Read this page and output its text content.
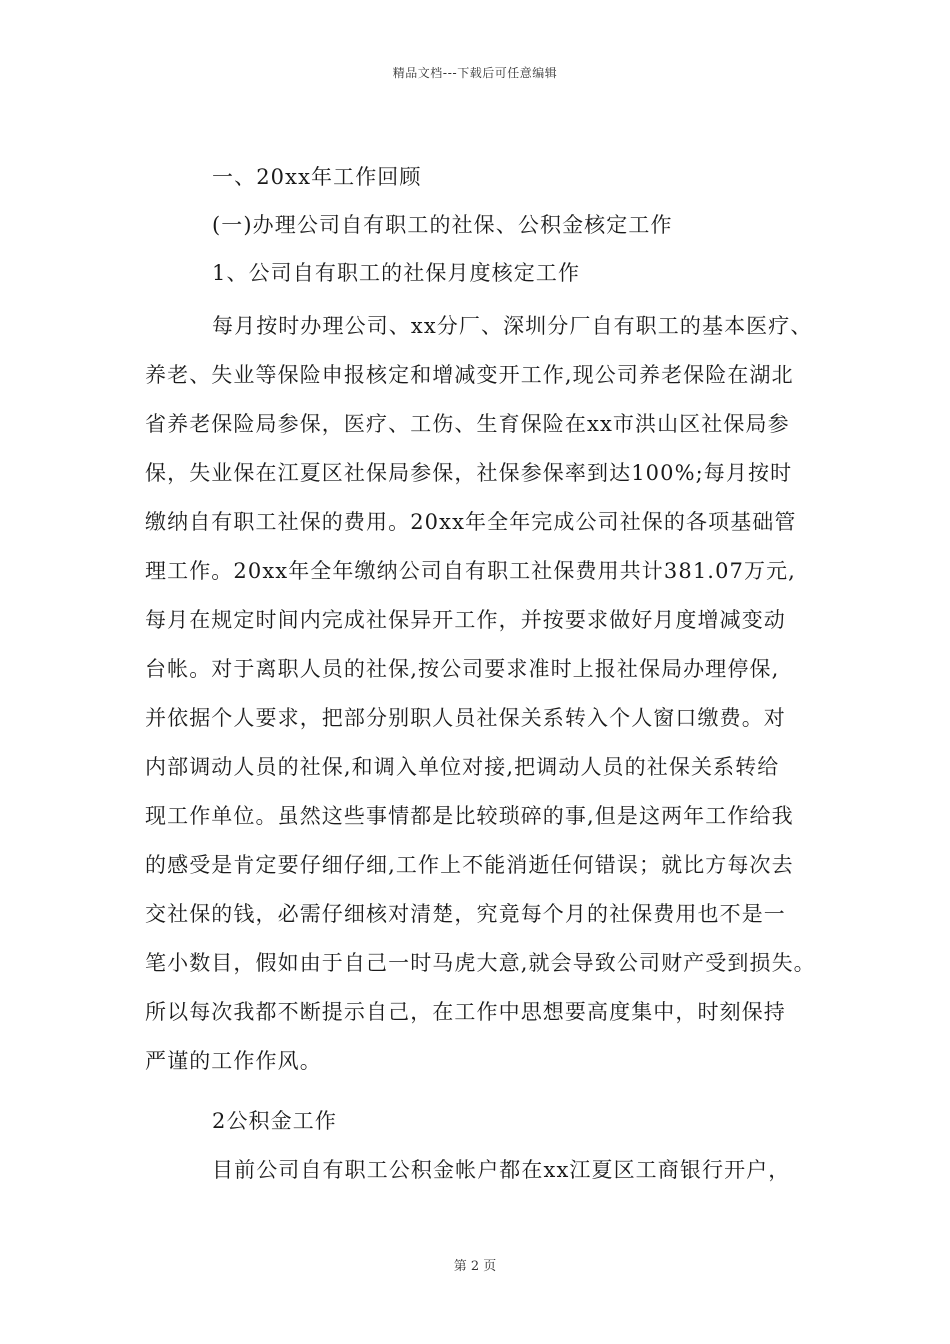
精品文档---下载后可任意编辑
一、20xx年工作回顾
(一)办理公司自有职工的社保、公积金核定工作
1、公司自有职工的社保月度核定工作
每月按时办理公司、xx分厂、深圳分厂自有职工的基本医疗、
养老、失业等保险申报核定和增减变开工作,现公司养老保险在湖北
省养老保险局参保，医疗、工伤、生育保险在xx市洪山区社保局参
保，失业保在江夏区社保局参保，社保参保率到达100%;每月按时
缴纳自有职工社保的费用。20xx年全年完成公司社保的各项基础管
理工作。20xx年全年缴纳公司自有职工社保费用共计381.07万元,
每月在规定时间内完成社保异开工作，并按要求做好月度增减变动
台帐。对于离职人员的社保,按公司要求准时上报社保局办理停保,
并依据个人要求，把部分别职人员社保关系转入个人窗口缴费。对
内部调动人员的社保,和调入单位对接,把调动人员的社保关系转给
现工作单位。虽然这些事情都是比较琐碎的事,但是这两年工作给我
的感受是肯定要仔细仔细,工作上不能消逝任何错误；就比方每次去
交社保的钱，必需仔细核对清楚，究竟每个月的社保费用也不是一
笔小数目，假如由于自己一时马虎大意,就会导致公司财产受到损失。
所以每次我都不断提示自己，在工作中思想要高度集中，时刻保持
严谨的工作作风。
2公积金工作
目前公司自有职工公积金帐户都在xx江夏区工商银行开户，
第 2 页
